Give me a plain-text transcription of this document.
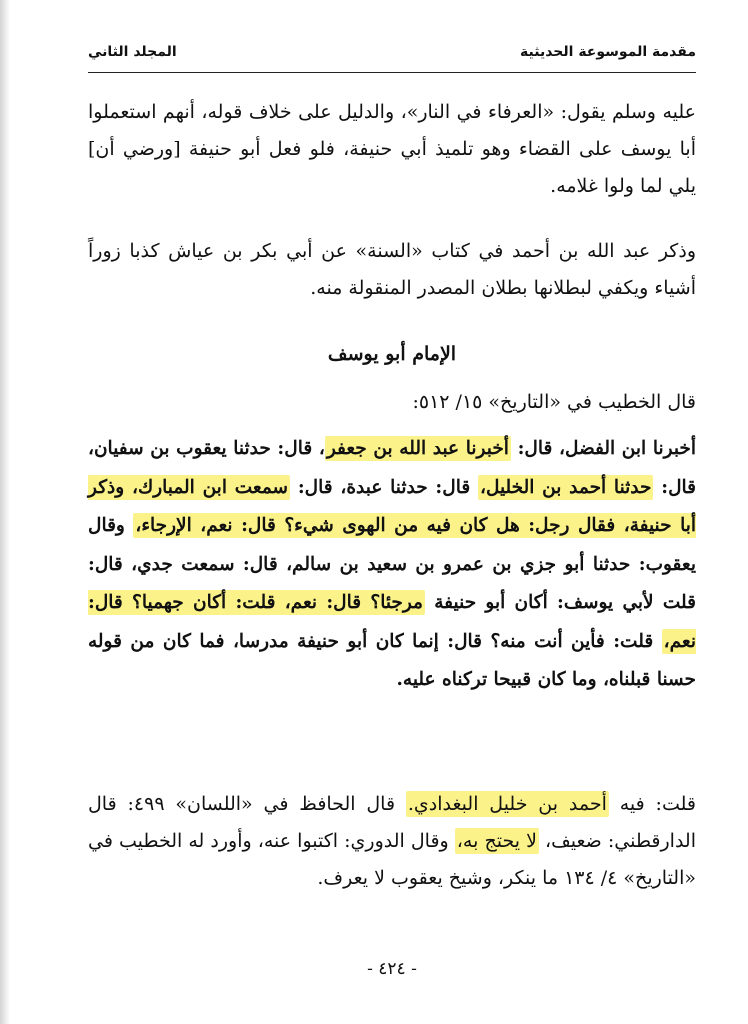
مقدمة الموسوعة الحديثية
المجلد الثاني
عليه وسلم يقول: «العرفاء في النار»، والدليل على خلاف قوله، أنهم استعملوا أبا يوسف على القضاء وهو تلميذ أبي حنيفة، فلو فعل أبو حنيفة [ورضي أن] يلي لما ولوا غلامه.
وذكر عبد الله بن أحمد في كتاب «السنة» عن أبي بكر بن عياش كذبا زوراً أشياء ويكفي لبطلانها بطلان المصدر المنقولة منه.
الإمام أبو يوسف
قال الخطيب في «التاريخ» ١٥/ ٥١٢:
أخبرنا ابن الفضل، قال: أخبرنا عبد الله بن جعفر، قال: حدثنا يعقوب بن سفيان، قال: حدثنا أحمد بن الخليل، قال: حدثنا عبدة، قال: سمعت ابن المبارك، وذكر أبا حنيفة، فقال رجل: هل كان فيه من الهوى شيء؟ قال: نعم، الإرجاء، وقال يعقوب: حدثنا أبو جزي بن عمرو بن سعيد بن سالم، قال: سمعت جدي، قال: قلت لأبي يوسف: أكان أبو حنيفة مرجئا؟ قال: نعم، قلت: أكان جهميا؟ قال: نعم، قلت: فأين أنت منه؟ قال: إنما كان أبو حنيفة مدرسا، فما كان من قوله حسنا قبلناه، وما كان قبيحا تركناه عليه.
قلت: فيه أحمد بن خليل البغدادي. قال الحافظ في «اللسان» ٤٩٩: قال الدارقطني: ضعيف، لا يحتج به، وقال الدوري: اكتبوا عنه، وأورد له الخطيب في «التاريخ» ٤/ ١٣٤ ما ينكر، وشيخ يعقوب لا يعرف.
- ٤٢٤ -
